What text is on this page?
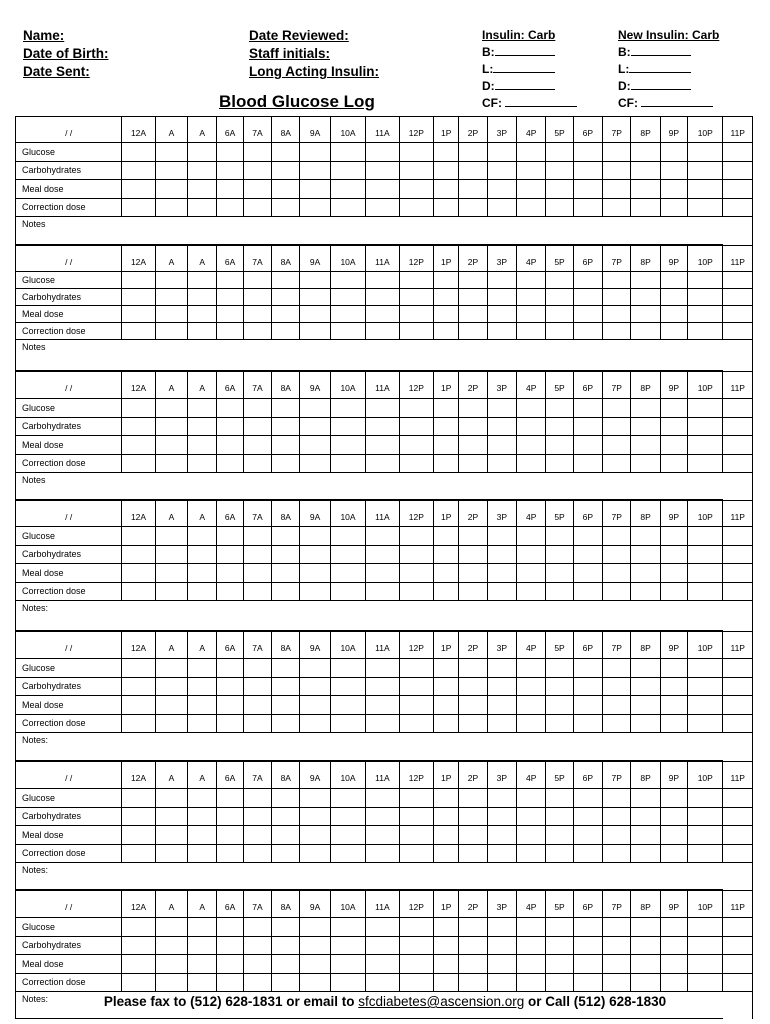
Name:
Date of Birth:
Date Sent:
Date Reviewed:
Staff initials:
Long Acting Insulin:
Insulin: Carb
B:
L:
D:
CF:
New Insulin: Carb
B:
L:
D:
CF:
Blood Glucose Log
/ /	12A	A	A	6A	7A	8A	9A	10A	11A	12P	1P	2P	3P	4P	5P	6P	7P	8P	9P	10P	11P
Glucose																					
Carbohydrates																					
Meal dose																					
Correction dose																					
Notes																					
/ /	12A	A	A	6A	7A	8A	9A	10A	11A	12P	1P	2P	3P	4P	5P	6P	7P	8P	9P	10P	11P
Glucose																					
Carbohydrates																					
Meal dose																					
Correction dose																					
Notes																					
/ /	12A	A	A	6A	7A	8A	9A	10A	11A	12P	1P	2P	3P	4P	5P	6P	7P	8P	9P	10P	11P
Glucose																					
Carbohydrates																					
Meal dose																					
Correction dose																					
Notes																					
/ /	12A	A	A	6A	7A	8A	9A	10A	11A	12P	1P	2P	3P	4P	5P	6P	7P	8P	9P	10P	11P
Glucose																					
Carbohydrates																					
Meal dose																					
Correction dose																					
Notes:																					
/ /	12A	A	A	6A	7A	8A	9A	10A	11A	12P	1P	2P	3P	4P	5P	6P	7P	8P	9P	10P	11P
Glucose																					
Carbohydrates																					
Meal dose																					
Correction dose																					
Notes:																					
/ /	12A	A	A	6A	7A	8A	9A	10A	11A	12P	1P	2P	3P	4P	5P	6P	7P	8P	9P	10P	11P
Glucose																					
Carbohydrates																					
Meal dose																					
Correction dose																					
Notes:																					
/ /	12A	A	A	6A	7A	8A	9A	10A	11A	12P	1P	2P	3P	4P	5P	6P	7P	8P	9P	10P	11P
Glucose																					
Carbohydrates																					
Meal dose																					
Correction dose																					
Notes:																						Please fax to (512) 628-1831 or email to sfcdiabetes@ascension.org or Call (512) 628-1830
